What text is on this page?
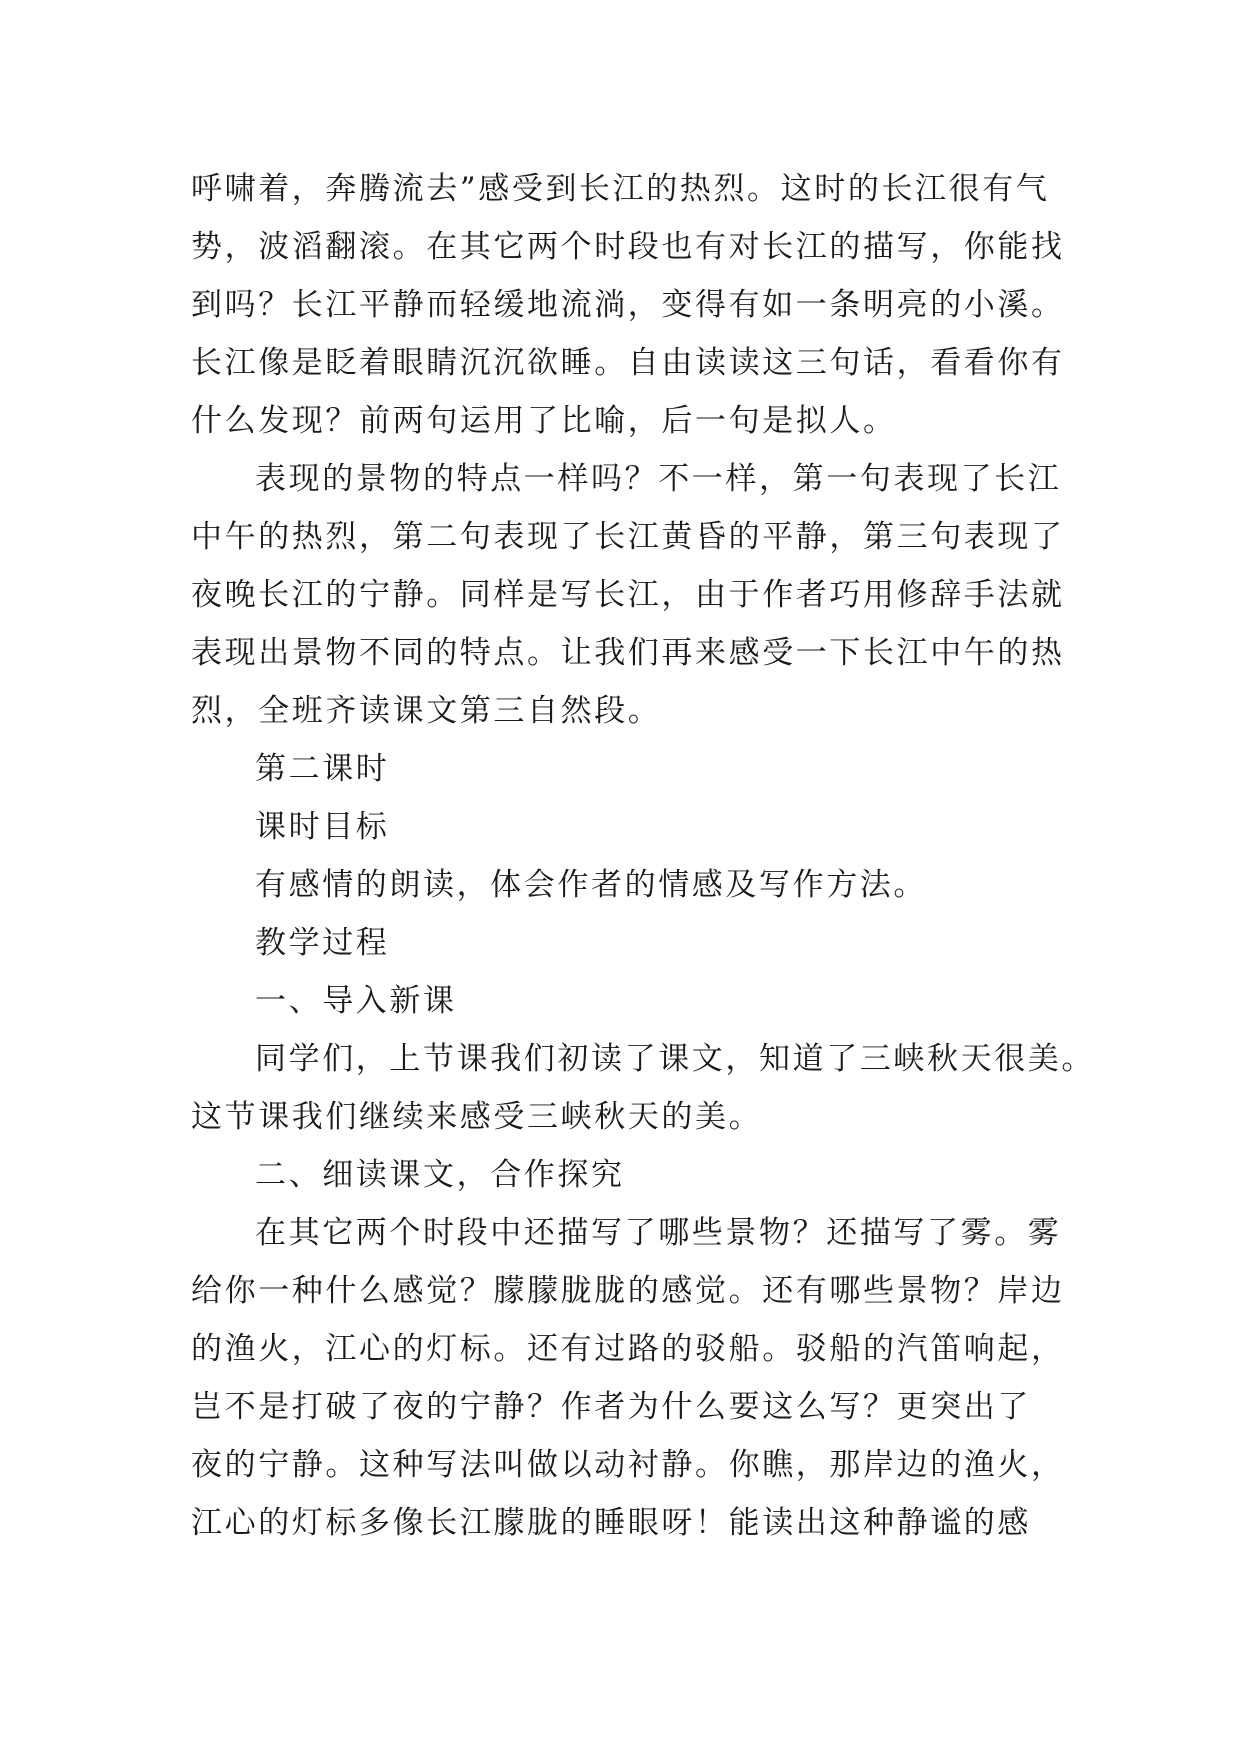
呼啸着，奔腾流去”感受到长江的热烈。这时的长江很有气
势，波滔翻滚。在其它两个时段也有对长江的描写，你能找
到吗？长江平静而轻缓地流淌，变得有如一条明亮的小溪。
长江像是眨着眼睛沉沉欲睡。自由读读这三句话，看看你有
什么发现？前两句运用了比喻，后一句是拟人。
表现的景物的特点一样吗？不一样，第一句表现了长江
中午的热烈，第二句表现了长江黄昏的平静，第三句表现了
夜晚长江的宁静。同样是写长江，由于作者巧用修辞手法就
表现出景物不同的特点。让我们再来感受一下长江中午的热
烈，全班齐读课文第三自然段。
第二课时
课时目标
有感情的朗读，体会作者的情感及写作方法。
教学过程
一、导入新课
同学们，上节课我们初读了课文，知道了三峡秋天很美。
这节课我们继续来感受三峡秋天的美。
二、细读课文，合作探究
在其它两个时段中还描写了哪些景物？还描写了雾。雾
给你一种什么感觉？朦朦胧胧的感觉。还有哪些景物？岸边
的渔火，江心的灯标。还有过路的驳船。驳船的汽笛响起，
岂不是打破了夜的宁静？作者为什么要这么写？更突出了
夜的宁静。这种写法叫做以动衬静。你瞧，那岸边的渔火，
江心的灯标多像长江朦胧的睡眼呀！能读出这种静谧的感
